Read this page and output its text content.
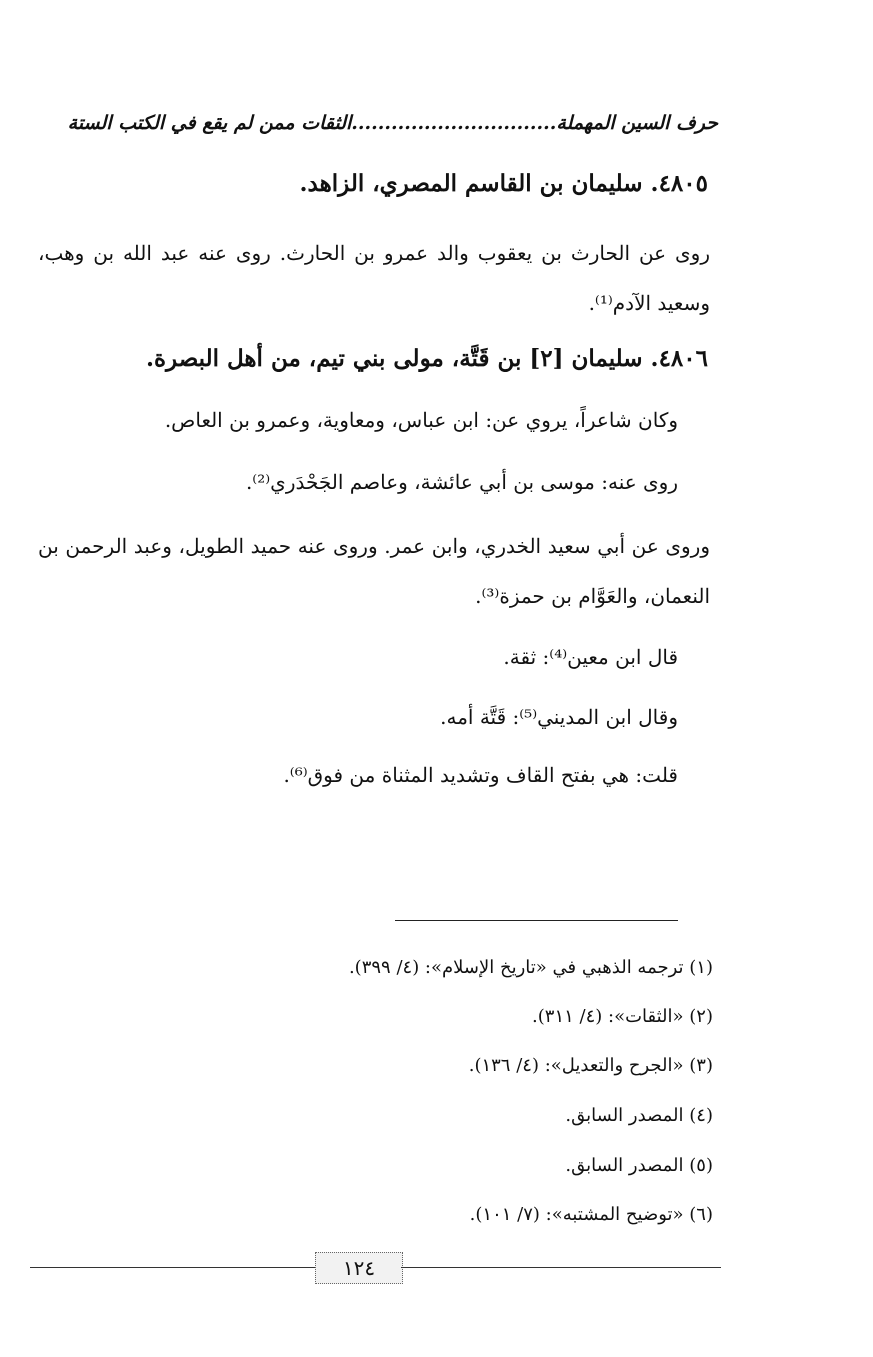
حرف السين المهملة...............................الثقات ممن لم يقع في الكتب الستة
٤٨٠٥. سليمان بن القاسم المصري، الزاهد.
روى عن الحارث بن يعقوب والد عمرو بن الحارث. روى عنه عبد الله بن وهب، وسعيد الآدم⁽¹⁾.
٤٨٠٦. سليمان [٢] بن قَتَّة، مولى بني تيم، من أهل البصرة.
وكان شاعراً، يروي عن: ابن عباس، ومعاوية، وعمرو بن العاص.
روى عنه: موسى بن أبي عائشة، وعاصم الجَحْدَري⁽²⁾.
وروى عن أبي سعيد الخدري، وابن عمر. وروى عنه حميد الطويل، وعبد الرحمن بن النعمان، والعَوَّام بن حمزة⁽³⁾.
قال ابن معين⁽⁴⁾: ثقة.
وقال ابن المديني⁽⁵⁾: قَتَّة أمه.
قلت: هي بفتح القاف وتشديد المثناة من فوق⁽⁶⁾.
(١) ترجمه الذهبي في «تاريخ الإسلام»: (٤/ ٣٩٩).
(٢) «الثقات»: (٤/ ٣١١).
(٣) «الجرح والتعديل»: (٤/ ١٣٦).
(٤) المصدر السابق.
(٥) المصدر السابق.
(٦) «توضيح المشتبه»: (٧/ ١٠١).
١٢٤
